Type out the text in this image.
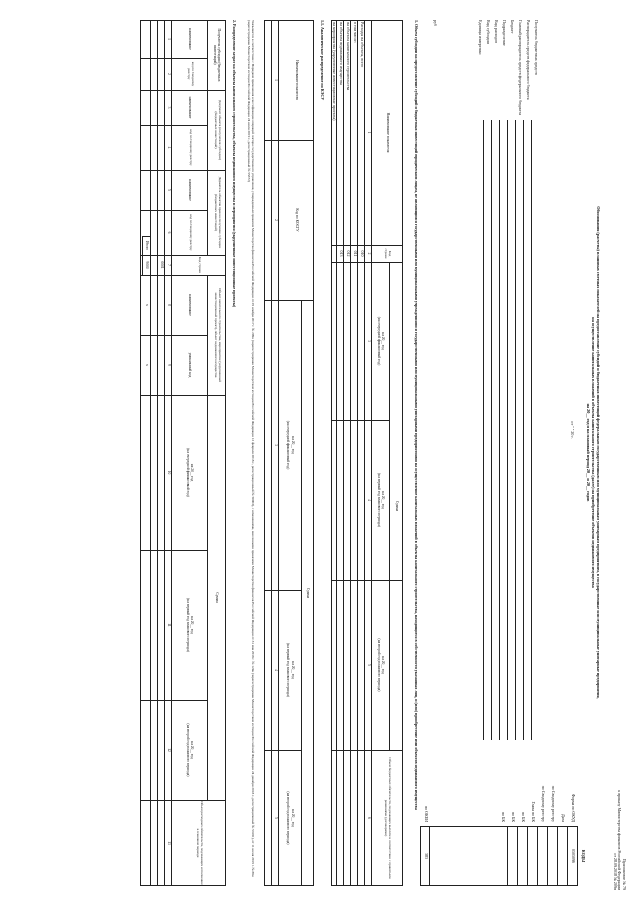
Приложение № 79
к приказу Министерства финансов Российской Федерации
от 28.09.2018 № 209н
Обоснования (расчеты) плановых сметных показателей на предоставление субсидий и бюджетных инвестиций федеральным государственным или муниципальным унитарным предприятиям, в государственные или муниципальные унитарные предприятия,
на осуществление капитальных вложений в объекты капитального строительства (далее) на приобретение объектов недвижимого имущества
на 20__ год и на плановый период 20__ и 20__ годов
от " " 20 г.
КОДЫ
0505096
383
Форма по ОКУД
Дата
по Сводному реестру
по Сводному реестру
Глава по БК
по БК
по БК
по БК
по ОКЕИ
Получатель бюджетных средств
Распорядитель средств федерального бюджета
Главный распорядитель средств федерального бюджета
Бюджет
Подразделение
Вид расходов
Вид субсидии
Единица измерения:
руб
1. Объем субсидии на предоставление субсидий и бюджетных инвестиций юридическим лицам, не являющимся государственными или муниципальными учреждениями и государственными или муниципальными унитарными предприятиями на осуществление капитальных вложений в объекты капитального строительства, находящиеся в собственности указанных лиц, и (или) приобретение ими объектов недвижимого имущества
Наименование показателя
Код строки
Сумма
на 20__ год
(на очередной финансовый год)
на 20__ год
(на первый год планового периода)
на 20__ год
(на второй год планового периода)
Объем бюджетных обязательств, подлежащих выплате в соответствии с принятыми решениями (договорами)
1
2
3
4
5
6
Расходы на объекты, всего
010
в том числе:
на объекты капитального строительства
011
на объекты недвижимого имущества
012
на мероприятия (укрупненные инвестиционные проекты)
013
1.1. Аналитическое распределение по КЭСУ
Наименование показателя
Код по КОСГУ
Сумма
на 20__ год
(на очередной финансовый год)
на 20__ год
(на первый год планового периода)
на 20__ год
(на второй год планового периода)
1
2
3
4
5
Указывается в соответствии с Порядком применения классификации операций сектора государственного управления, утвержденным приказом Министерства финансов Российской Федерации от 29 ноября 2017 г. № 209н (зарегистрирован Министерством юстиции Российской Федерации 12 февраля 2018 г., регистрационный № 50003), с изменениями, внесенными приказами Министерства финансов Российской Федерации от 31 мая 2018 г. № 124н (зарегистрирован Министерством юстиции Российской Федерации 24 декабря 2018 г., регистрационный № 53181), от 11 июня 2019 г. № 86н (зарегистрирован Министерством юстиции Российской Федерации 24 июля 2019 г., регистрационный № 55372)
2. Распределение затрат на объекты капитального строительства, объекты недвижимого имущества и мероприятия (укрупненные инвестиционные проекты)
Получатель субсидии (бюджетных инвестиций)
наименование
код по Сводному реестру
Документ объекта (получателя субсидии) (бюджетных инвестиций)
наименование
код по Сводному реестру
Держатель объектов прав на получение субсидии (бюджетных инвестиций)
наименование
код по Сводному реестру
Код строки
Объект капитального строительства, мероприятие (укрупненный инвестиционный проект), объект недвижимого имущества
наименование
уникальный код
Сумма
на 20__ год
(на очередной финансовый год)
на 20__ год
(на первый год планового периода)
на 20__ год
(на второй год планового периода)
Объем расходных обязательств, подлежащих исполнению в плановом периоде
1
2
3
4
5
6
7
8
9
10
11
12
13
0001
Итого
9000
x
x
